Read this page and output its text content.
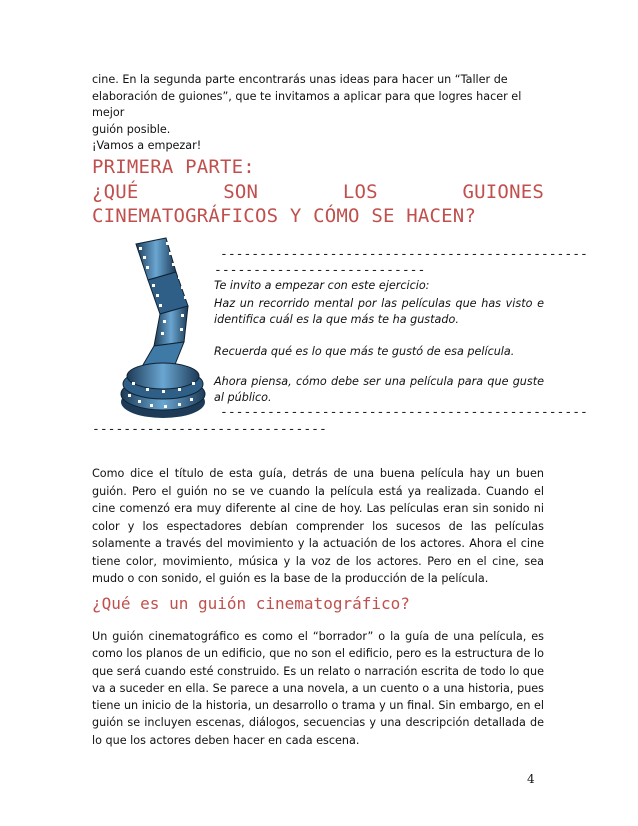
cine. En la segunda parte encontrarás unas ideas para hacer un “Taller de
elaboración de guiones”, que te invitamos a aplicar para que logres hacer el mejor
guión posible.

¡Vamos a empezar!

PRIMERA PARTE:
¿QUÉ	SON	LOS	GUIONES
CINEMATOGRÁFICOS Y CÓMO SE HACEN?
-----------------------------------------------
---------------------------

Te invito a empezar con este ejercicio:

Haz un recorrido mental por las películas que has visto e identifica cuál es la que más te ha gustado.

Recuerda qué es lo que más te gustó de esa película.

Ahora piensa, cómo debe ser una película para que guste al público.

-----------------------------------------------
------------------------------

Como dice el título de esta guía, detrás de una buena película hay un buen guión. Pero el guión no se ve cuando la película está ya realizada. Cuando el cine comenzó era muy diferente al cine de hoy. Las películas eran sin sonido ni color y los espectadores debían comprender los sucesos de las películas solamente a través del movimiento y la actuación de los actores. Ahora el cine tiene color, movimiento, música y la voz de los actores. Pero en el cine, sea mudo o con sonido, el guión es la base de la producción de la película.

¿Qué es un guión cinematográfico?

Un guión cinematográfico es como el “borrador” o la guía de una película, es como los planos de un edificio, que no son el edificio, pero es la estructura de lo que será cuando esté construido. Es un relato o narración escrita de todo lo que va a suceder en ella. Se parece a una novela, a un cuento o a una historia, pues tiene un inicio de la historia, un desarrollo o trama y un final. Sin embargo, en el guión se incluyen escenas, diálogos, secuencias y una descripción detallada de lo que los actores deben hacer en cada escena.

4
